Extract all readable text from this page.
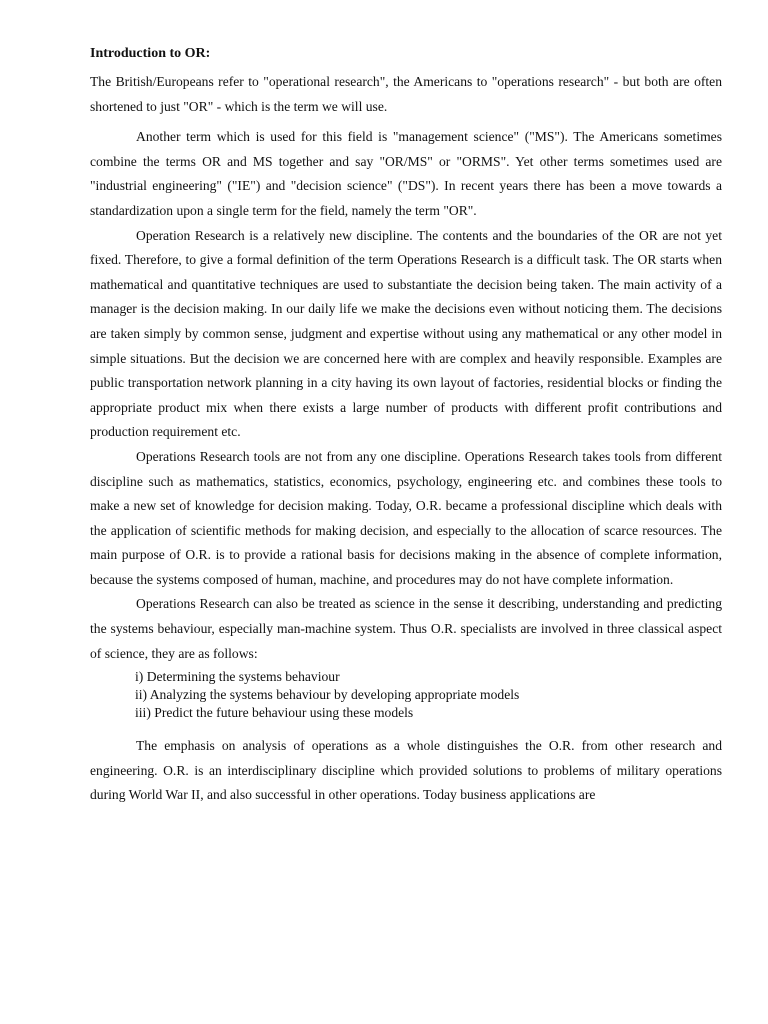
Introduction to OR:

The British/Europeans refer to "operational research", the Americans to "operations research" - but both are often shortened to just "OR" - which is the term we will use.

Another term which is used for this field is "management science" ("MS"). The Americans sometimes combine the terms OR and MS together and say "OR/MS" or "ORMS". Yet other terms sometimes used are "industrial engineering" ("IE") and "decision science" ("DS"). In recent years there has been a move towards a standardization upon a single term for the field, namely the term "OR".

Operation Research is a relatively new discipline. The contents and the boundaries of the OR are not yet fixed. Therefore, to give a formal definition of the term Operations Research is a difficult task. The OR starts when mathematical and quantitative techniques are used to substantiate the decision being taken. The main activity of a manager is the decision making. In our daily life we make the decisions even without noticing them. The decisions are taken simply by common sense, judgment and expertise without using any mathematical or any other model in simple situations. But the decision we are concerned here with are complex and heavily responsible. Examples are public transportation network planning in a city having its own layout of factories, residential blocks or finding the appropriate product mix when there exists a large number of products with different profit contributions and production requirement etc.

Operations Research tools are not from any one discipline. Operations Research takes tools from different discipline such as mathematics, statistics, economics, psychology, engineering etc. and combines these tools to make a new set of knowledge for decision making. Today, O.R. became a professional discipline which deals with the application of scientific methods for making decision, and especially to the allocation of scarce resources. The main purpose of O.R. is to provide a rational basis for decisions making in the absence of complete information, because the systems composed of human, machine, and procedures may do not have complete information.

Operations Research can also be treated as science in the sense it describing, understanding and predicting the systems behaviour, especially man-machine system. Thus O.R. specialists are involved in three classical aspect of science, they are as follows:

i) Determining the systems behaviour
ii) Analyzing the systems behaviour by developing appropriate models
iii) Predict the future behaviour using these models

The emphasis on analysis of operations as a whole distinguishes the O.R. from other research and engineering. O.R. is an interdisciplinary discipline which provided solutions to problems of military operations during World War II, and also successful in other operations. Today business applications are
